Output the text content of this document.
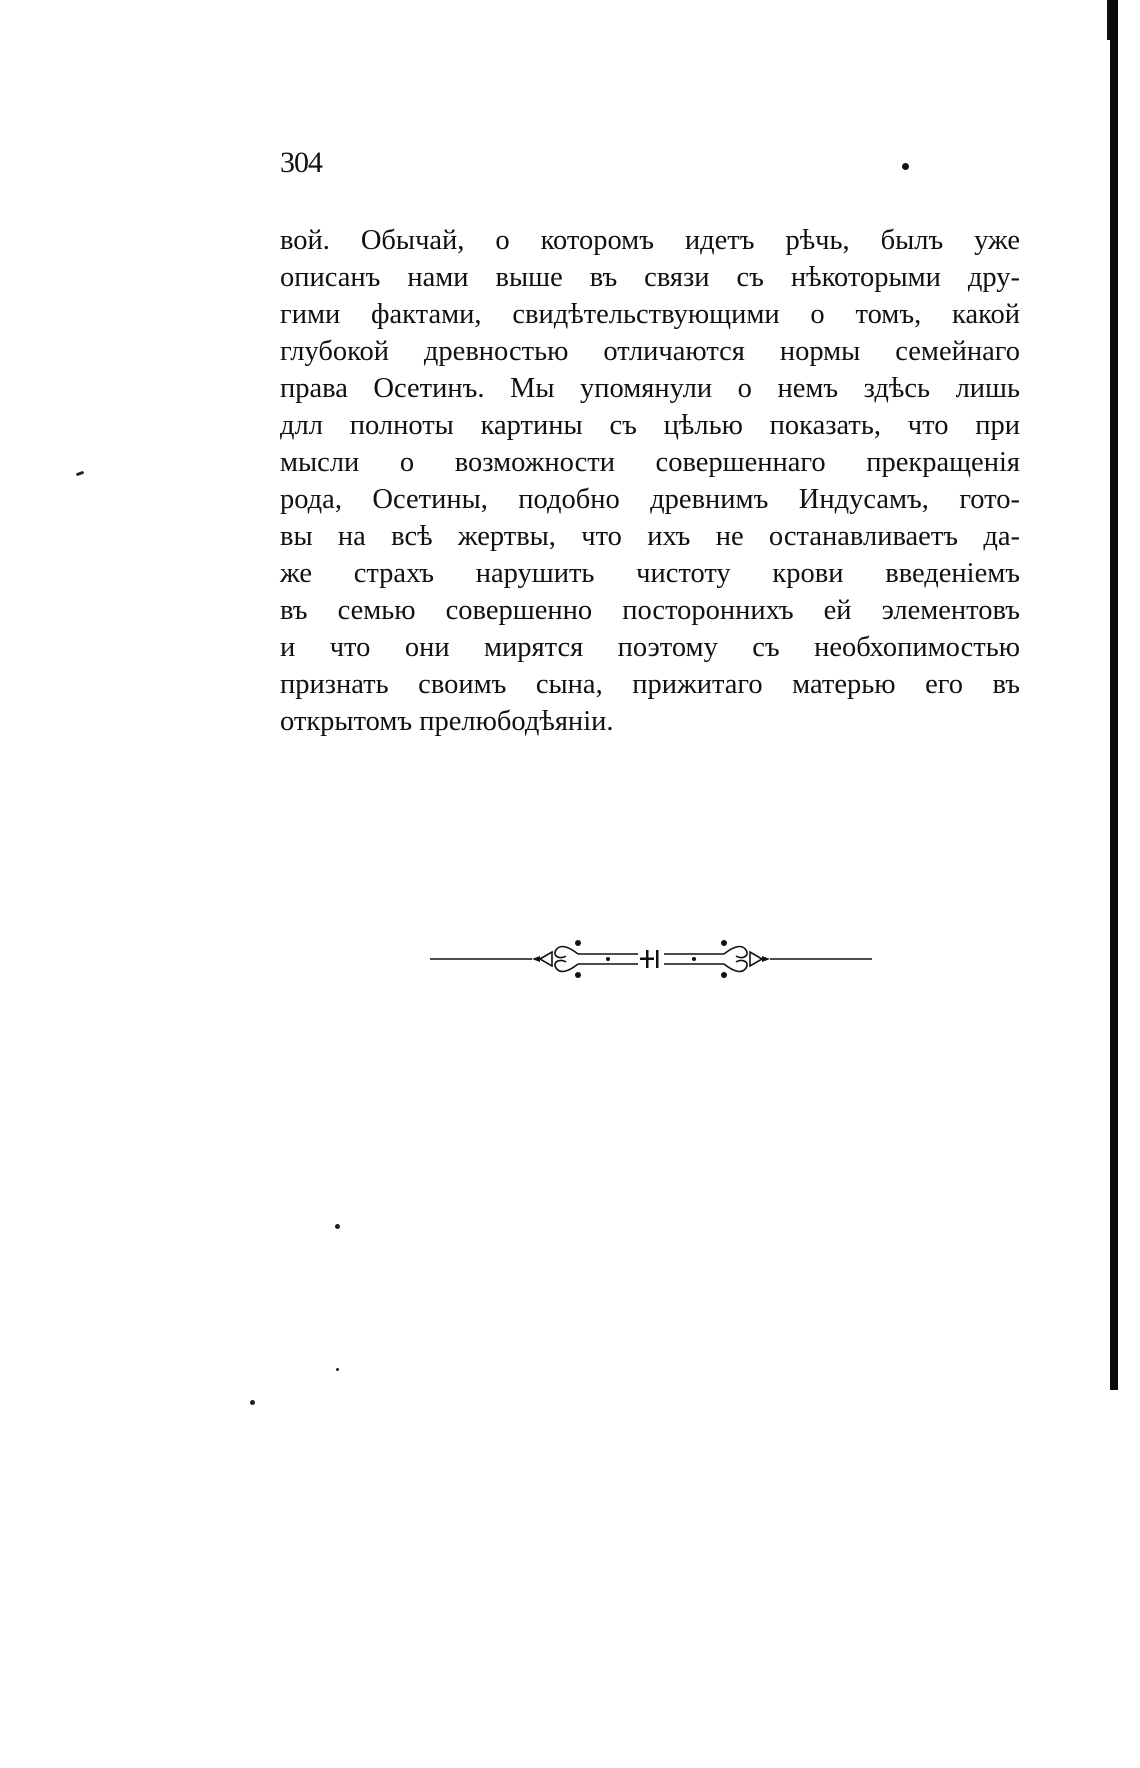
304
вой. Обычай, о которомъ идетъ рѣчь, былъ уже
описанъ нами выше въ связи съ нѣкоторыми дру-
гими фактами, свидѣтельствующими о томъ, какой
глубокой древностью отличаются нормы семейнаго
права Осетинъ. Мы упомянули о немъ здѣсь лишь
длл полноты картины съ цѣлью показать, что при
мысли о возможности совершеннаго прекращенія
рода, Осетины, подобно древнимъ Индусамъ, гото-
вы на всѣ жертвы, что ихъ не останавливаетъ да-
же страхъ нарушить чистоту крови введеніемъ
въ семью совершенно постороннихъ ей элементовъ
и что они мирятся поэтому съ необхопимостью
признать своимъ сына, прижитаго матерью его въ
открытомъ прелюбодѣяніи.
